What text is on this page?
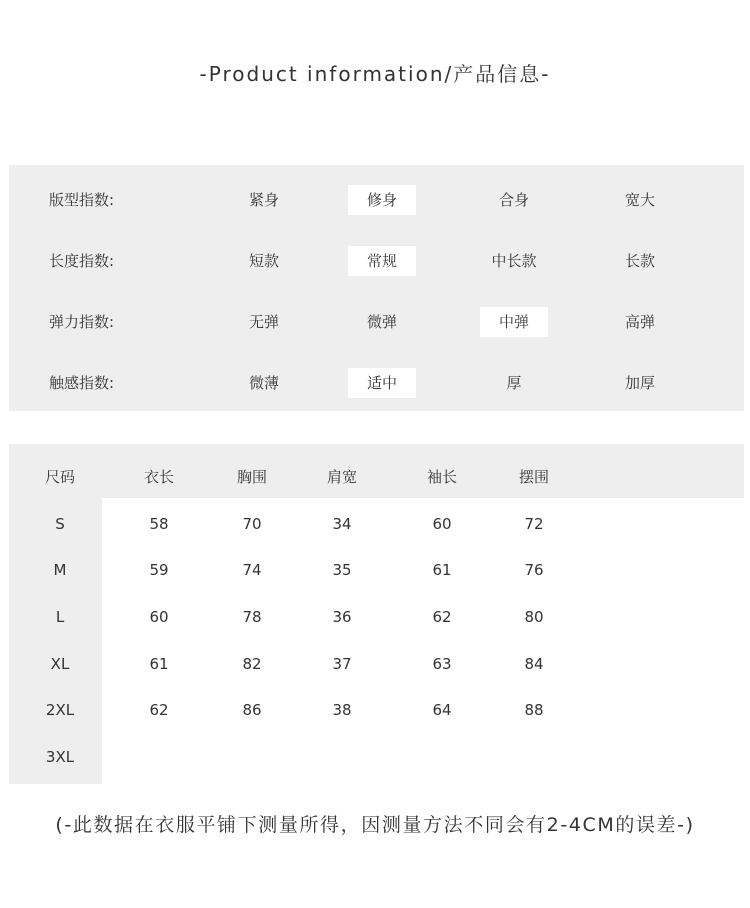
-Product information/产品信息-
版型指数:	紧身	修身	合身	宽大
长度指数:	短款	常规	中长款	长款
弹力指数:	无弹	微弹	中弹	高弹
触感指数:	微薄	适中	厚	加厚
尺码	衣长	胸围	肩宽	袖长	摆围
S	58	70	34	60	72
M	59	74	35	61	76
L	60	78	36	62	80
XL	61	82	37	63	84
2XL	62	86	38	64	88
3XL
(-此数据在衣服平铺下测量所得，因测量方法不同会有2-4CM的误差-)
